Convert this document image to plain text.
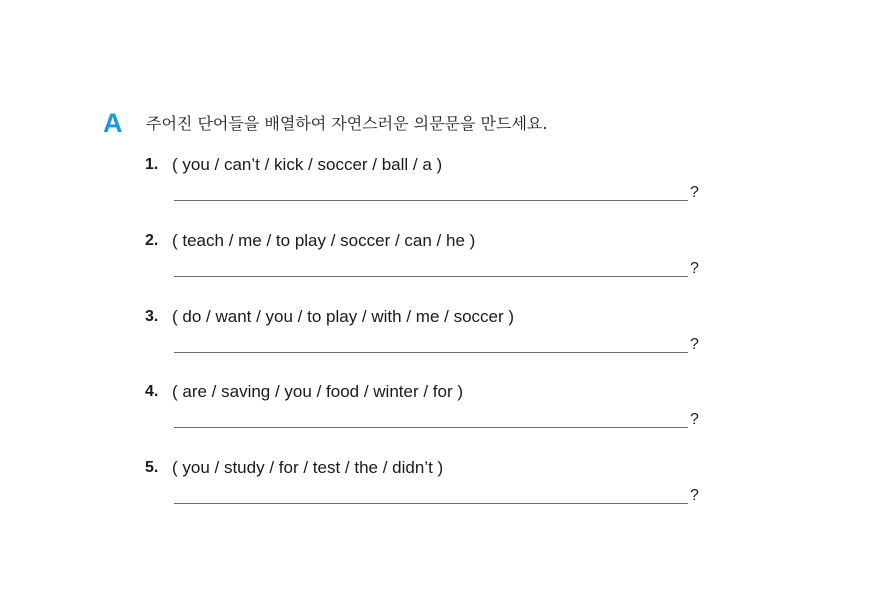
A 주어진 단어들을 배열하여 자연스러운 의문문을 만드세요.
1. ( you / can’t / kick / soccer / ball / a )
?
2. ( teach / me / to play / soccer / can / he )
?
3. ( do / want / you / to play / with / me / soccer )
?
4. ( are / saving / you / food / winter / for )
?
5. ( you / study / for / test / the / didn’t )
?
